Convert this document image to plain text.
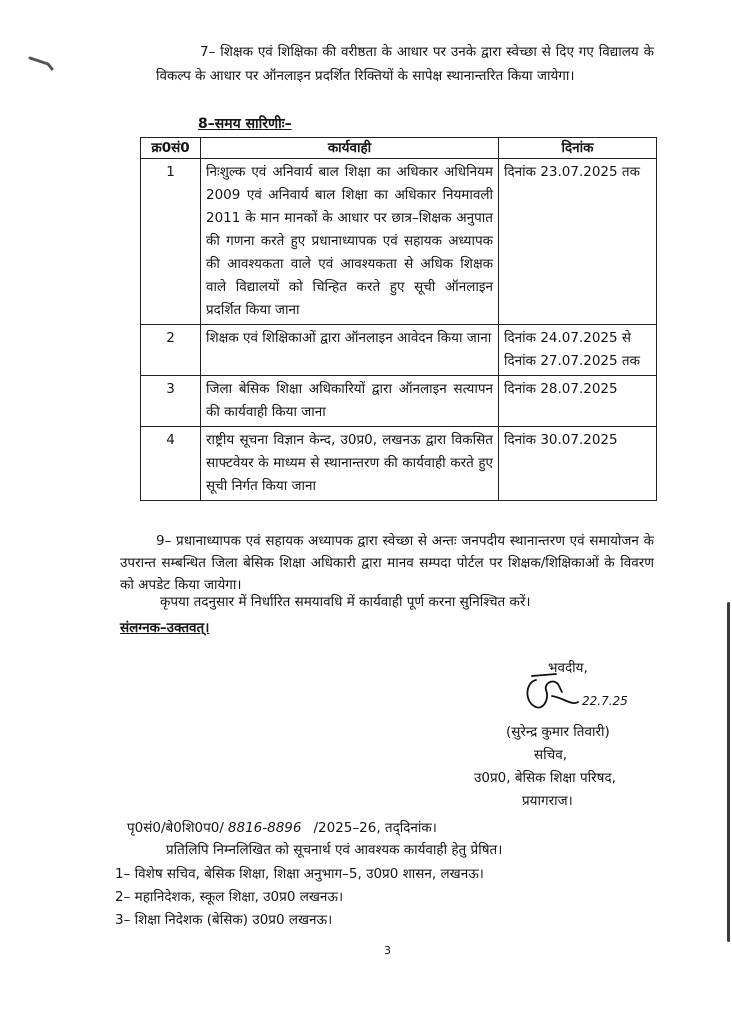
7– शिक्षक एवं शिक्षिका की वरीष्ठता के आधार पर उनके द्वारा स्वेच्छा से दिए गए विद्यालय के विकल्प के आधार पर ऑनलाइन प्रदर्शित रिक्तियों के सापेक्ष स्थानान्तरित किया जायेगा।
8–समय सारिणीः–
क्र0सं0	कार्यवाही	दिनांक
1	निःशुल्क एवं अनिवार्य बाल शिक्षा का अधिकार अधिनियम 2009 एवं अनिवार्य बाल शिक्षा का अधिकार नियमावली 2011 के मान मानकों के आधार पर छात्र–शिक्षक अनुपात की गणना करते हुए प्रधानाध्यापक एवं सहायक अध्यापक की आवश्यकता वाले एवं आवश्यकता से अधिक शिक्षक वाले विद्यालयों को चिन्हित करते हुए सूची ऑनलाइन प्रदर्शित किया जाना	दिनांक 23.07.2025 तक
2	शिक्षक एवं शिक्षिकाओं द्वारा ऑनलाइन आवेदन किया जाना	दिनांक 24.07.2025 से दिनांक 27.07.2025 तक
3	जिला बेसिक शिक्षा अधिकारियों द्वारा ऑनलाइन सत्यापन की कार्यवाही किया जाना	दिनांक 28.07.2025
4	राष्ट्रीय सूचना विज्ञान केन्द, उ0प्र0, लखनऊ द्वारा विकसित साफ्टवेयर के माध्यम से स्थानान्तरण की कार्यवाही करते हुए सूची निर्गत किया जाना	दिनांक 30.07.2025
9– प्रधानाध्यापक एवं सहायक अध्यापक द्वारा स्वेच्छा से अन्तः जनपदीय स्थानान्तरण एवं समायोजन के उपरान्त सम्बन्धित जिला बेसिक शिक्षा अधिकारी द्वारा मानव सम्पदा पोर्टल पर शिक्षक/शिक्षिकाओं के विवरण को अपडेट किया जायेगा।
कृपया तदनुसार में निर्धारित समयावधि में कार्यवाही पूर्ण करना सुनिश्चित करें।
संलग्नक–उक्तवत्।
भवदीय,
22.7.25
(सुरेन्द्र कुमार तिवारी)
सचिव,
उ0प्र0, बेसिक शिक्षा परिषद,
प्रयागराज।
पृ0सं0/बे0शि0प0/ 8816-8896 /2025–26, तद्‌दिनांक।
प्रतिलिपि निम्नलिखित को सूचनार्थ एवं आवश्यक कार्यवाही हेतु प्रेषित।
1– विशेष सचिव, बेसिक शिक्षा, शिक्षा अनुभाग–5, उ0प्र0 शासन, लखनऊ।
2– महानिदेशक, स्कूल शिक्षा, उ0प्र0 लखनऊ।
3– शिक्षा निदेशक (बेसिक) उ0प्र0 लखनऊ।
3
